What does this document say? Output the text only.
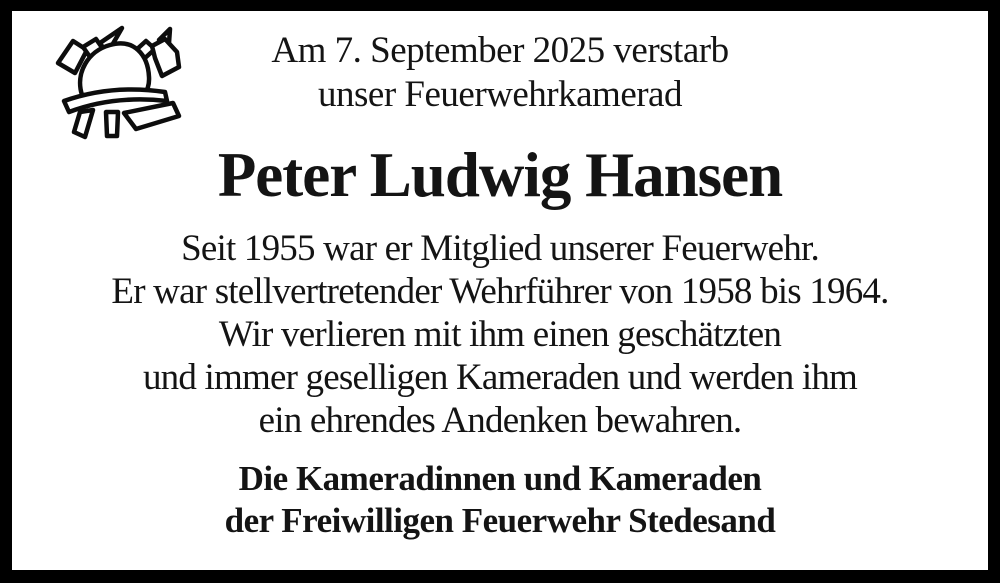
Am 7. September 2025 verstarb
unser Feuerwehrkamerad
Peter Ludwig Hansen
Seit 1955 war er Mitglied unserer Feuerwehr.
Er war stellvertretender Wehrführer von 1958 bis 1964.
Wir verlieren mit ihm einen geschätzten
und immer geselligen Kameraden und werden ihm
ein ehrendes Andenken bewahren.
Die Kameradinnen und Kameraden
der Freiwilligen Feuerwehr Stedesand
